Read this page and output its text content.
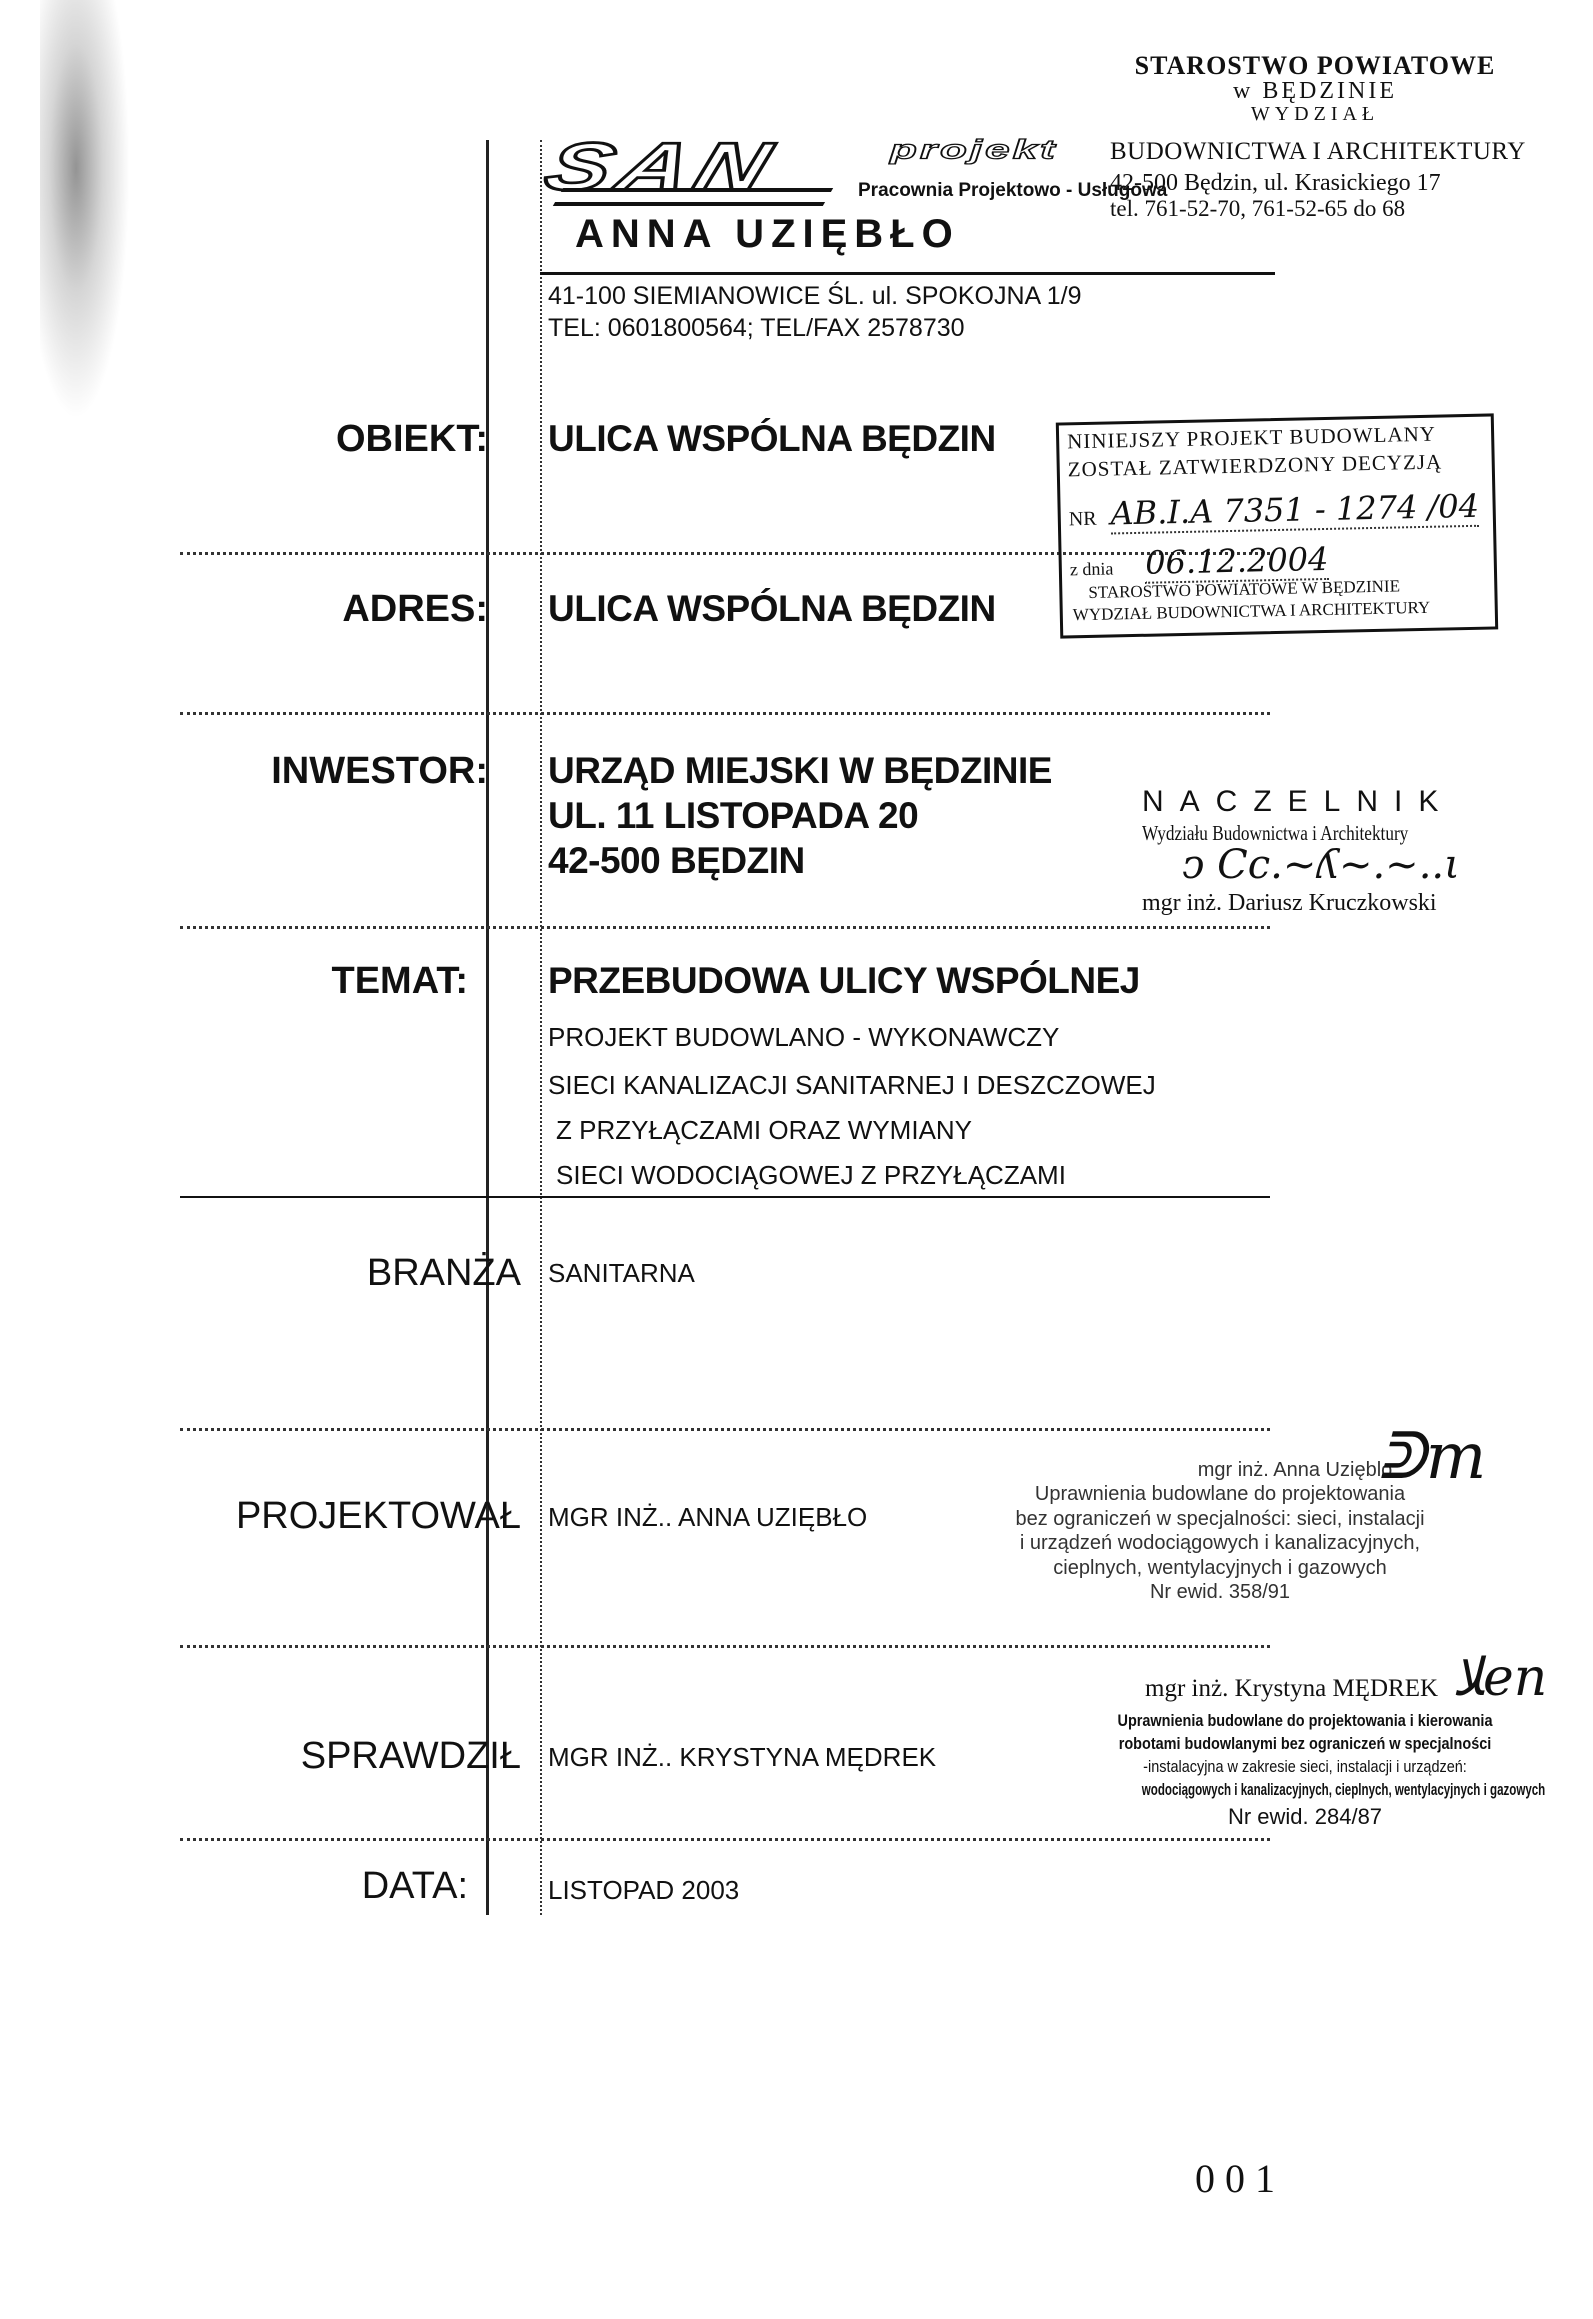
STAROSTWO POWIATOWE
w BĘDZINIE
WYDZIAŁ
BUDOWNICTWA I ARCHITEKTURY
42-500 Będzin, ul. Krasickiego 17
tel. 761-52-70, 761-52-65 do 68
SAN projekt
Pracownia Projektowo - Usługowa
ANNA UZIĘBŁO
41-100 SIEMIANOWICE ŚL. ul. SPOKOJNA 1/9
TEL: 0601800564; TEL/FAX 2578730
OBIEKT: ULICA WSPÓLNA BĘDZIN	NINIEJSZY PROJEKT BUDOWLANY
ZOSTAŁ ZATWIERDZONY DECYZJĄ
NR AB.I.A 7351 - 1274 /04
z dnia 06.12.2004
STAROSTWO POWIATOWE W BĘDZINIE
WYDZIAŁ BUDOWNICTWA I ARCHITEKTURY
ADRES: ULICA WSPÓLNA BĘDZIN
INWESTOR: URZĄD MIEJSKI W BĘDZINIE
UL. 11 LISTOPADA 20
42-500 BĘDZIN
NACZELNIK
Wydziału Budownictwa i Architektury
ↄ Cc.~ʎ~.~..ι
mgr inż. Dariusz Kruczkowski
TEMAT: PRZEBUDOWA ULICY WSPÓLNEJ
PROJEKT BUDOWLANO - WYKONAWCZY
SIECI KANALIZACJI SANITARNEJ I DESZCZOWEJ
Z PRZYŁĄCZAMI ORAZ WYMIANY
SIECI WODOCIĄGOWEJ Z PRZYŁĄCZAMI
BRANŻA SANITARNA
PROJEKTOWAŁ MGR INŻ.. ANNA UZIĘBŁO
mgr inż. Anna Uzięblo
Uprawnienia budowlane do projektowania
bez ograniczeń w specjalności: sieci, instalacji
i urządzeń wodociągowych i kanalizacyjnych,
cieplnych, wentylacyjnych i gazowych
Nr ewid. 358/91
ᕲm
SPRAWDZIŁ MGR INŻ.. KRYSTYNA MĘDREK
mgr inż. Krystyna MĘDREK ﻼen
Uprawnienia budowlane do projektowania i kierowania
robotami budowlanymi bez ograniczeń w specjalności
-instalacyjna w zakresie sieci, instalacji i urządzeń:
wodociągowych i kanalizacyjnych, cieplnych, wentylacyjnych i gazowych
Nr ewid. 284/87
DATA:	LISTOPAD 2003
001
